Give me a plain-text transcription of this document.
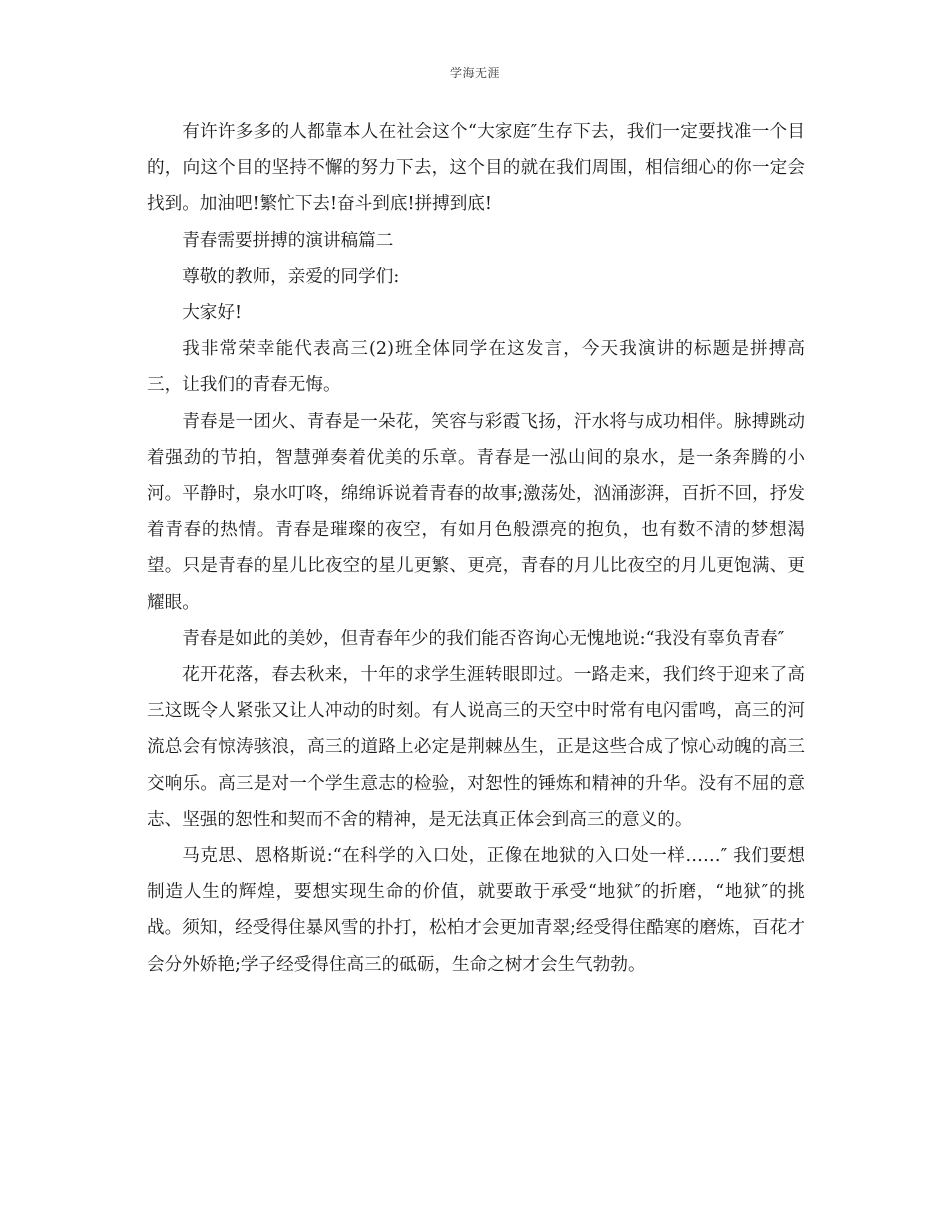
学海无涯

有许许多多的人都靠本人在社会这个“大家庭″生存下去，我们一定要找准一个目的，向这个目的坚持不懈的努力下去，这个目的就在我们周围，相信细心的你一定会找到。加油吧!繁忙下去!奋斗到底!拼搏到底!

青春需要拼搏的演讲稿篇二

尊敬的教师，亲爱的同学们:

大家好!

我非常荣幸能代表高三(2)班全体同学在这发言，今天我演讲的标题是拼搏高三，让我们的青春无悔。

青春是一团火、青春是一朵花，笑容与彩霞飞扬，汗水将与成功相伴。脉搏跳动着强劲的节拍，智慧弹奏着优美的乐章。青春是一泓山间的泉水，是一条奔腾的小河。平静时，泉水叮咚，绵绵诉说着青春的故事;激荡处，汹涌澎湃，百折不回，抒发着青春的热情。青春是璀璨的夜空，有如月色般漂亮的抱负，也有数不清的梦想渴望。只是青春的星儿比夜空的星儿更繁、更亮，青春的月儿比夜空的月儿更饱满、更耀眼。

青春是如此的美妙，但青春年少的我们能否咨询心无愧地说:“我没有辜负青春″

花开花落，春去秋来，十年的求学生涯转眼即过。一路走来，我们终于迎来了高三这既令人紧张又让人冲动的时刻。有人说高三的天空中时常有电闪雷鸣，高三的河流总会有惊涛骇浪，高三的道路上必定是荆棘丛生，正是这些合成了惊心动魄的高三交响乐。高三是对一个学生意志的检验，对恕性的锤炼和精神的升华。没有不屈的意志、坚强的恕性和契而不舍的精神，是无法真正体会到高三的意义的。

马克思、恩格斯说:“在科学的入口处，正像在地狱的入口处一样……″ 我们要想制造人生的辉煌，要想实现生命的价值，就要敢于承受“地狱″的折磨，“地狱″的挑战。须知，经受得住暴风雪的扑打，松柏才会更加青翠;经受得住酷寒的磨炼，百花才会分外娇艳;学子经受得住高三的砥砺，生命之树才会生气勃勃。
